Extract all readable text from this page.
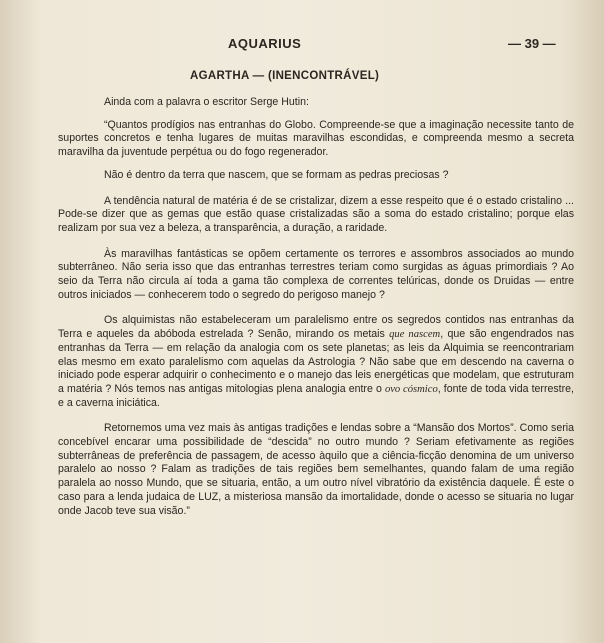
AQUARIUS	— 39 —
AGARTHA — (INENCONTRÁVEL)

Ainda com a palavra o escritor Serge Hutin:

“Quantos prodígios nas entranhas do Globo. Compreende-se que a imaginação necessite tanto de suportes concretos e tenha lugares de muitas maravilhas escondidas, e compreenda mesmo a secreta maravilha da juventude perpétua ou do fogo regenerador.

Não é dentro da terra que nascem, que se formam as pedras preciosas ?

A tendência natural de matéria é de se cristalizar, dizem a esse respeito que é o estado cristalino ... Pode-se dizer que as gemas que estão quase cristalizadas são a soma do estado cristalino; porque elas realizam por sua vez a beleza, a transparência, a duração, a raridade.

Às maravilhas fantásticas se opõem certamente os terrores e assombros associados ao mundo subterrâneo. Não seria isso que das entranhas terrestres teriam como surgidas as águas primordiais ? Ao seio da Terra não circula aí toda a gama tão complexa de correntes telúricas, donde os Druidas — entre outros iniciados — conhecerem todo o segredo do perigoso manejo ?

Os alquimistas não estabeleceram um paralelismo entre os segredos contidos nas entranhas da Terra e aqueles da abóboda estrelada ? Senão, mirando os metais que nascem, que são engendrados nas entranhas da Terra — em relação da analogia com os sete planetas; as leis da Alquimia se reencontrariam elas mesmo em exato paralelismo com aquelas da Astrologia ? Não sabe que em descendo na caverna o iniciado pode esperar adquirir o conhecimento e o manejo das leis energéticas que modelam, que estruturam a matéria ? Nós temos nas antigas mitologias plena analogia entre o ovo cósmico, fonte de toda vida terrestre, e a caverna iniciática.

Retornemos uma vez mais às antigas tradições e lendas sobre a “Mansão dos Mortos”. Como seria concebível encarar uma possibilidade de “descida” no outro mundo ? Seriam efetivamente as regiões subterrâneas de preferência de passagem, de acesso àquilo que a ciência-ficção denomina de um universo paralelo ao nosso ? Falam as tradições de tais regiões bem semelhantes, quando falam de uma região paralela ao nosso Mundo, que se situaria, então, a um outro nível vibratório da existência daquele. É este o caso para a lenda judaica de LUZ, a misteriosa mansão da imortalidade, donde o acesso se situaria no lugar onde Jacob teve sua visão.”
